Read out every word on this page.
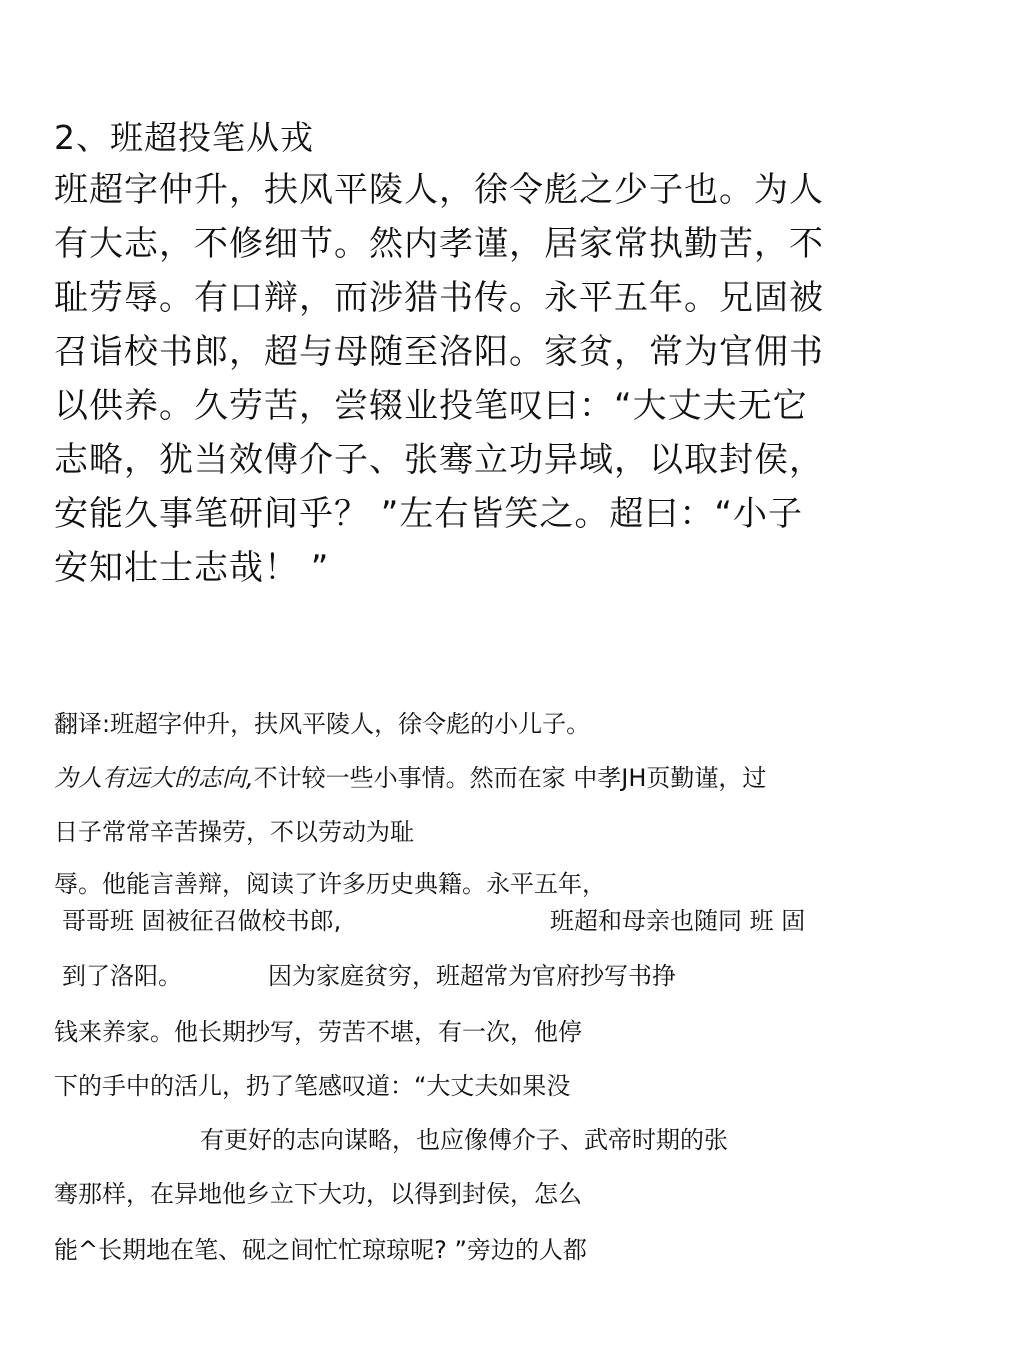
2、班超投笔从戎
班超字仲升，扶风平陵人，徐令彪之少子也。为人
有大志，不修细节。然内孝谨，居家常执勤苦，不
耻劳辱。有口辩，而涉猎书传。永平五年。兄固被
召诣校书郎，超与母随至洛阳。家贫，常为官佣书
以供养。久劳苦，尝辍业投笔叹曰：“大丈夫无它
志略，犹当效傅介子、张骞立功异域，以取封侯，
安能久事笔研间乎？ ”左右皆笑之。超曰：“小子
安知壮士志哉！ ”
翻译:班超字仲升，扶风平陵人，徐令彪的小儿子。
为人有远大的志向,不计较一些小事情。然而在家 中孝JH页勤谨，过
日子常常辛苦操劳，不以劳动为耻
辱。他能言善辩，阅读了许多历史典籍。永平五年，
哥哥班 固被征召做校书郎,	班超和母亲也随同 班 固
到了洛阳。	因为家庭贫穷，班超常为官府抄写书挣
钱来养家。他长期抄写，劳苦不堪，有一次，他停
下的手中的活儿，扔了笔感叹道：“大丈夫如果没
有更好的志向谋略，也应像傅介子、武帝时期的张
骞那样，在异地他乡立下大功，以得到封侯，怎么
能^长期地在笔、砚之间忙忙琼琼呢? ”旁边的人都
